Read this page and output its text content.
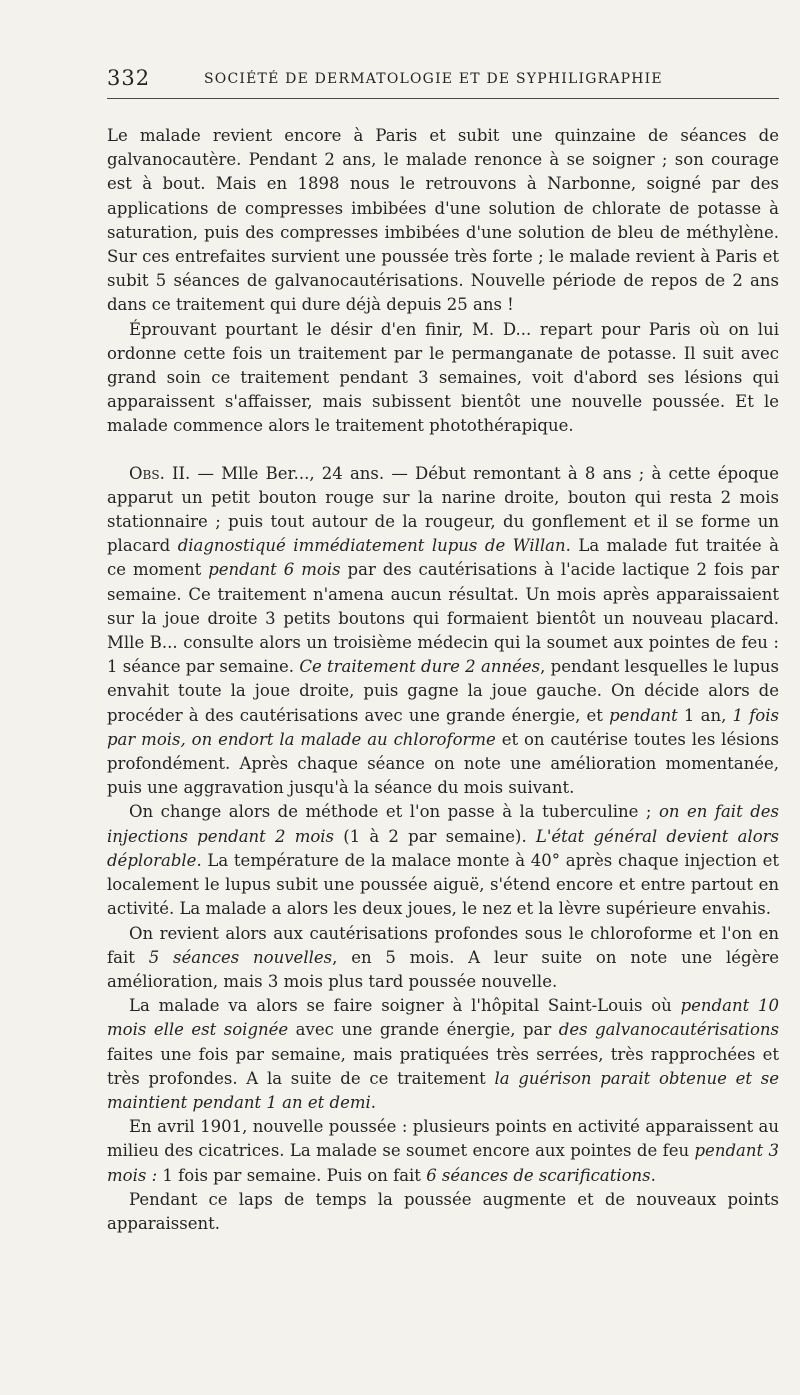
332	SOCIÉTÉ DE DERMATOLOGIE ET DE SYPHILIGRAPHIE

Le malade revient encore à Paris et subit une quinzaine de séances de galvanocautère. Pendant 2 ans, le malade renonce à se soigner ; son courage est à bout. Mais en 1898 nous le retrouvons à Narbonne, soigné par des applications de compresses imbibées d'une solution de chlorate de potasse à saturation, puis des compresses imbibées d'une solution de bleu de méthylène. Sur ces entrefaites survient une poussée très forte ; le malade revient à Paris et subit 5 séances de galvanocautérisations. Nouvelle période de repos de 2 ans dans ce traitement qui dure déjà depuis 25 ans !

Éprouvant pourtant le désir d'en finir, M. D... repart pour Paris où on lui ordonne cette fois un traitement par le permanganate de potasse. Il suit avec grand soin ce traitement pendant 3 semaines, voit d'abord ses lésions qui apparaissent s'affaisser, mais subissent bientôt une nouvelle poussée. Et le malade commence alors le traitement photothérapique.

Obs. II. — Mlle Ber..., 24 ans. — Début remontant à 8 ans ; à cette époque apparut un petit bouton rouge sur la narine droite, bouton qui resta 2 mois stationnaire ; puis tout autour de la rougeur, du gonflement et il se forme un placard diagnostiqué immédiatement lupus de Willan. La malade fut traitée à ce moment pendant 6 mois par des cautérisations à l'acide lactique 2 fois par semaine. Ce traitement n'amena aucun résultat. Un mois après apparaissaient sur la joue droite 3 petits boutons qui formaient bientôt un nouveau placard. Mlle B... consulte alors un troisième médecin qui la soumet aux pointes de feu : 1 séance par semaine. Ce traitement dure 2 années, pendant lesquelles le lupus envahit toute la joue droite, puis gagne la joue gauche. On décide alors de procéder à des cautérisations avec une grande énergie, et pendant 1 an, 1 fois par mois, on endort la malade au chloroforme et on cautérise toutes les lésions profondément. Après chaque séance on note une amélioration momentanée, puis une aggravation jusqu'à la séance du mois suivant.

On change alors de méthode et l'on passe à la tuberculine ; on en fait des injections pendant 2 mois (1 à 2 par semaine). L'état général devient alors déplorable. La température de la malace monte à 40° après chaque injection et localement le lupus subit une poussée aiguë, s'étend encore et entre partout en activité. La malade a alors les deux joues, le nez et la lèvre supérieure envahis.

On revient alors aux cautérisations profondes sous le chloroforme et l'on en fait 5 séances nouvelles, en 5 mois. A leur suite on note une légère amélioration, mais 3 mois plus tard poussée nouvelle.

La malade va alors se faire soigner à l'hôpital Saint-Louis où pendant 10 mois elle est soignée avec une grande énergie, par des galvanocautérisations faites une fois par semaine, mais pratiquées très serrées, très rapprochées et très profondes. A la suite de ce traitement la guérison parait obtenue et se maintient pendant 1 an et demi.

En avril 1901, nouvelle poussée : plusieurs points en activité apparaissent au milieu des cicatrices. La malade se soumet encore aux pointes de feu pendant 3 mois : 1 fois par semaine. Puis on fait 6 séances de scarifications.

Pendant ce laps de temps la poussée augmente et de nouveaux points apparaissent.
